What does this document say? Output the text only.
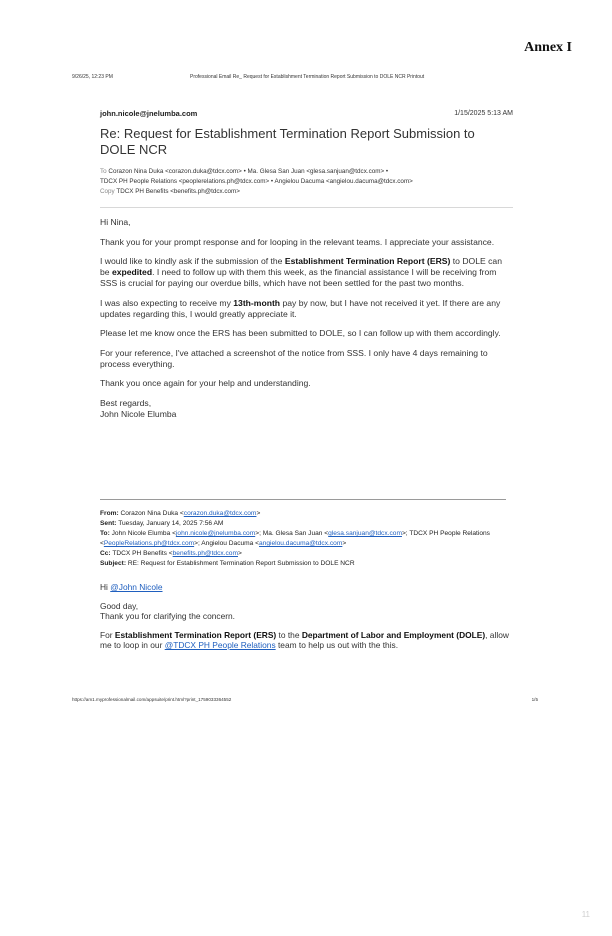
Annex I
9/26/25, 12:23 PM	Professional Email Re_ Request for Establishment Termination Report Submission to DOLE NCR Printout
john.nicole@jnelumba.com	1/15/2025 5:13 AM
Re: Request for Establishment Termination Report Submission to DOLE NCR
To Corazon Nina Duka <corazon.duka@tdcx.com> • Ma. Glesa San Juan <glesa.sanjuan@tdcx.com> •
TDCX PH People Relations <peoplerelations.ph@tdcx.com> • Angielou Dacuma <angielou.dacuma@tdcx.com>
Copy TDCX PH Benefits <benefits.ph@tdcx.com>

Hi Nina,

Thank you for your prompt response and for looping in the relevant teams. I appreciate your assistance.

I would like to kindly ask if the submission of the Establishment Termination Report (ERS) to DOLE can be expedited. I need to follow up with them this week, as the financial assistance I will be receiving from SSS is crucial for paying our overdue bills, which have not been settled for the past two months.

I was also expecting to receive my 13th-month pay by now, but I have not received it yet. If there are any updates regarding this, I would greatly appreciate it.

Please let me know once the ERS has been submitted to DOLE, so I can follow up with them accordingly.

For your reference, I've attached a screenshot of the notice from SSS. I only have 4 days remaining to process everything.

Thank you once again for your help and understanding.

Best regards,

John Nicole Elumba

From: Corazon Nina Duka <corazon.duka@tdcx.com>

Sent: Tuesday, January 14, 2025 7:56 AM

To: John Nicole Elumba <john.nicole@jnelumba.com>; Ma. Glesa San Juan <glesa.sanjuan@tdcx.com>; TDCX PH People Relations <PeopleRelations.ph@tdcx.com>; Angielou Dacuma <angielou.dacuma@tdcx.com>

Cc: TDCX PH Benefits <benefits.ph@tdcx.com>

Subject: RE: Request for Establishment Termination Report Submission to DOLE NCR

Hi @John Nicole

Good day,
Thank you for clarifying the concern.

For Establishment Termination Report (ERS) to the Department of Labor and Employment (DOLE), allow me to loop in our @TDCX PH People Relations team to help us out with the this.

https://am1.myprofessionalmail.com/appsuite/print.html?print_1759033364552	1/5
11
